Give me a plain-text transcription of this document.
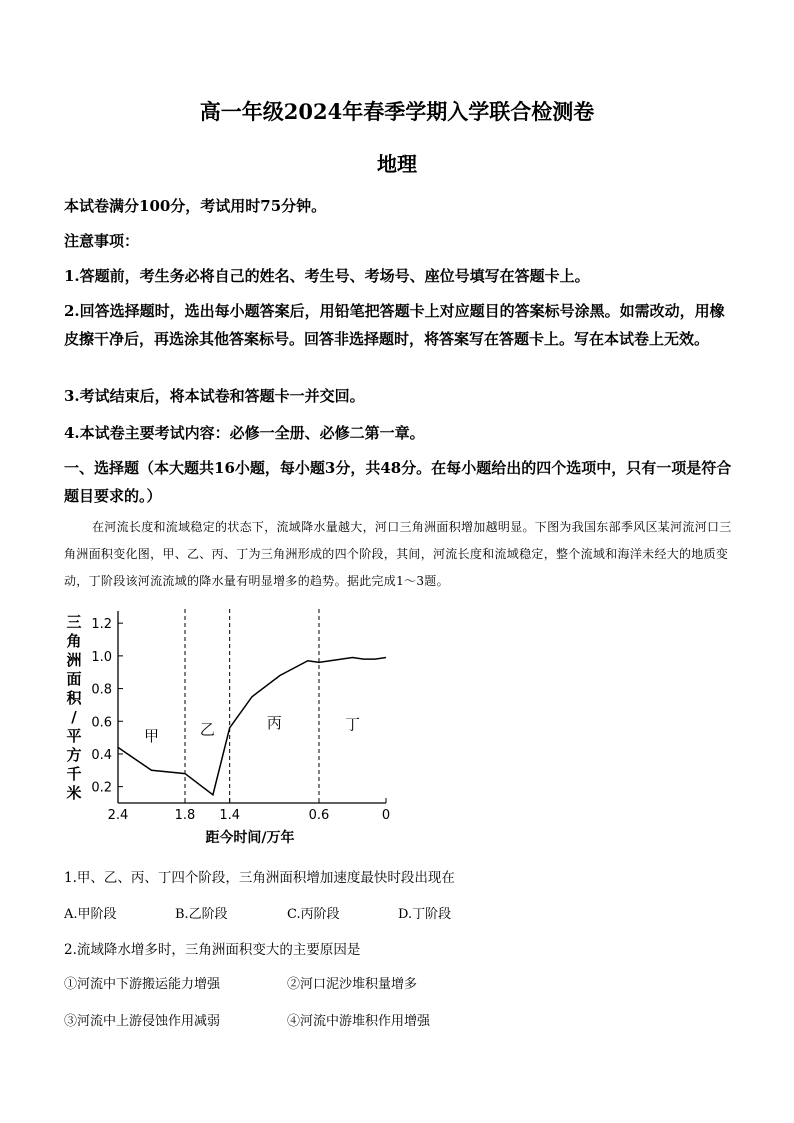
高一年级2024年春季学期入学联合检测卷
地理
本试卷满分100分，考试用时75分钟。
注意事项：
1.答题前，考生务必将自己的姓名、考生号、考场号、座位号填写在答题卡上。
2.回答选择题时，选出每小题答案后，用铅笔把答题卡上对应题目的答案标号涂黑。如需改动，用橡皮擦干净后，再选涂其他答案标号。回答非选择题时，将答案写在答题卡上。写在本试卷上无效。
3.考试结束后，将本试卷和答题卡一并交回。
4.本试卷主要考试内容：必修一全册、必修二第一章。
一、选择题（本大题共16小题，每小题3分，共48分。在每小题给出的四个选项中，只有一项是符合题目要求的。）
在河流长度和流域稳定的状态下，流域降水量越大，河口三角洲面积增加越明显。下图为我国东部季风区某河流河口三角洲面积变化图，甲、乙、丙、丁为三角洲形成的四个阶段，其间，河流长度和流域稳定，整个流域和海洋未经大的地质变动，丁阶段该河流流域的降水量有明显增多的趋势。据此完成1～3题。
三
角
洲
面
积
/
平
方
千
米
甲	乙	丙	丁
0.2
0.4
0.6
0.8
1.0
1.2
2.4	1.8 1.4	0.6	0
距今时间/万年
1.甲、乙、丙、丁四个阶段，三角洲面积增加速度最快时段出现在
A.甲阶段	B.乙阶段	C.丙阶段	D.丁阶段
2.流域降水增多时，三角洲面积变大的主要原因是
①河流中下游搬运能力增强	②河口泥沙堆积量增多
③河流中上游侵蚀作用减弱	④河流中游堆积作用增强
